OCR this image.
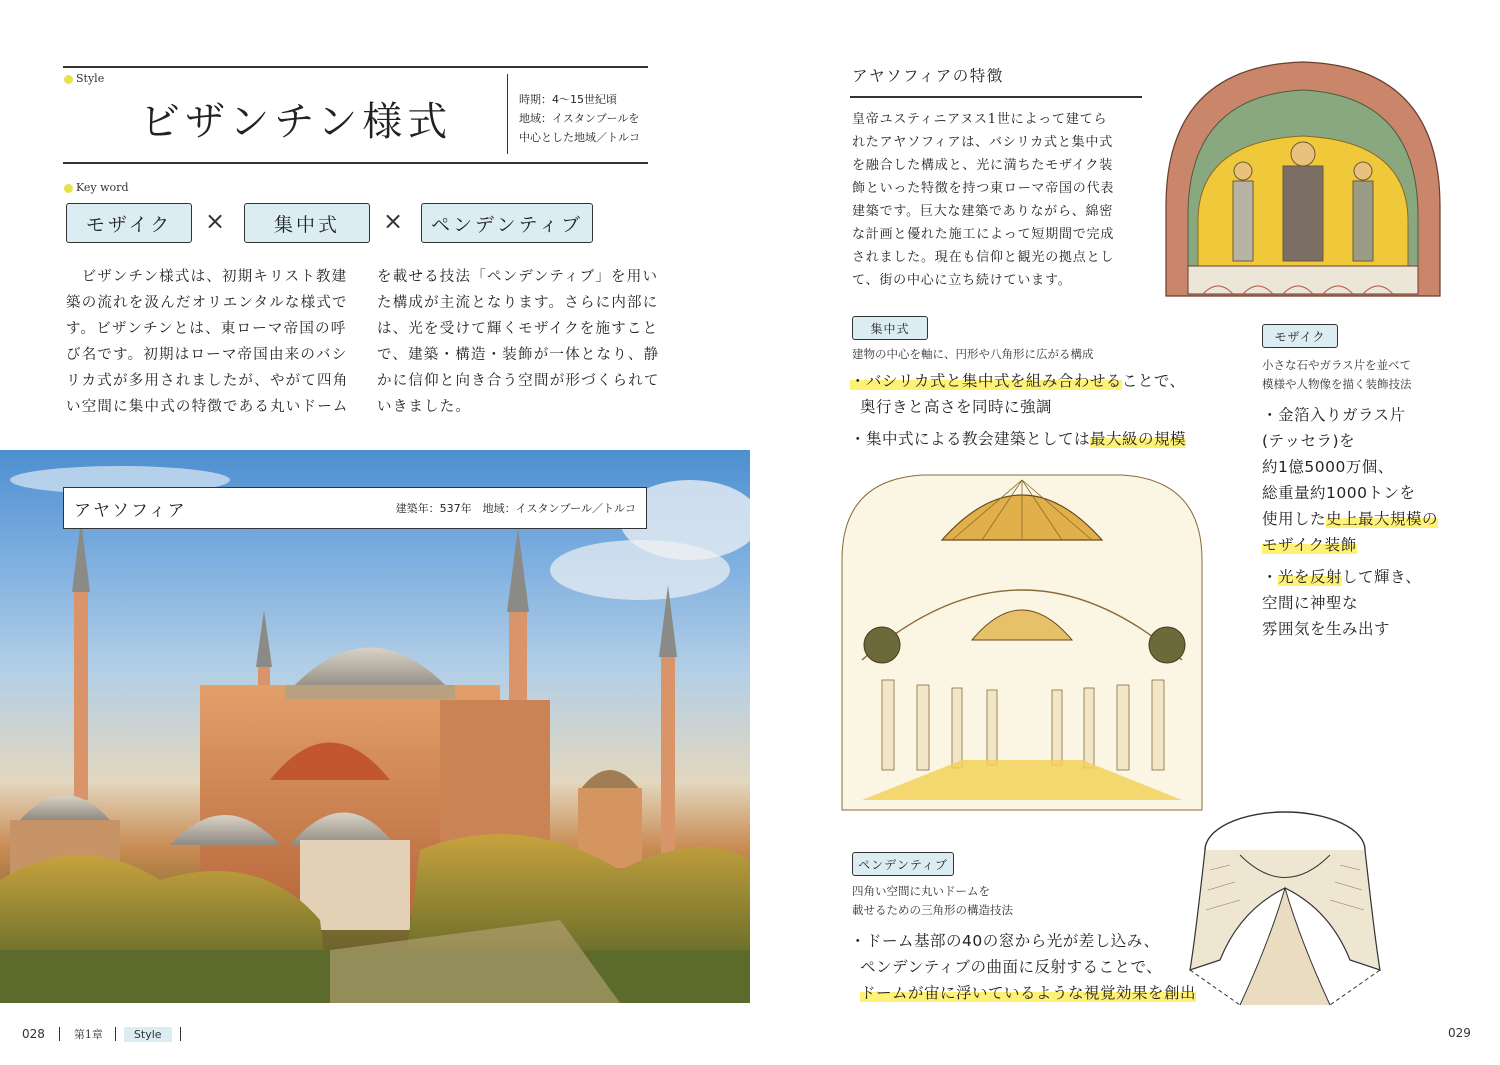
Style
ビザンチン様式	時期：4〜15世紀頃
地域：イスタンブールを
中心とした地域／トルコ
Key word
モザイク	×	集中式	×	ペンデンティブ
　ビザンチン様式は、初期キリスト教建
築の流れを汲んだオリエンタルな様式で
す。ビザンチンとは、東ローマ帝国の呼
び名です。初期はローマ帝国由来のバシ
リカ式が多用されましたが、やがて四角
い空間に集中式の特徴である丸いドーム
を載せる技法「ペンデンティブ」を用い
た構成が主流となります。さらに内部に
は、光を受けて輝くモザイクを施すこと
で、建築・構造・装飾が一体となり、静
かに信仰と向き合う空間が形づくられて
いきました。
アヤソフィア	建築年：537年　地域：イスタンブール／トルコ
028	第1章	Style
アヤソフィアの特徴
皇帝ユスティニアヌス1世によって建てら
れたアヤソフィアは、バシリカ式と集中式
を融合した構成と、光に満ちたモザイク装
飾といった特徴を持つ東ローマ帝国の代表
建築です。巨大な建築でありながら、綿密
な計画と優れた施工によって短期間で完成
されました。現在も信仰と観光の拠点とし
て、街の中心に立ち続けています。
集中式
建物の中心を軸に、円形や八角形に広がる構成
・バシリカ式と集中式を組み合わせることで、
奥行きと高さを同時に強調
・集中式による教会建築としては最大級の規模
モザイク
小さな石やガラス片を並べて
模様や人物像を描く装飾技法
・金箔入りガラス片
(テッセラ)を
約1億5000万個、
総重量約1000トンを
使用した史上最大規模の
モザイク装飾
・光を反射して輝き、
空間に神聖な
雰囲気を生み出す
ペンデンティブ
四角い空間に丸いドームを
載せるための三角形の構造技法
・ドーム基部の40の窓から光が差し込み、
ペンデンティブの曲面に反射することで、
ドームが宙に浮いているような視覚効果を創出
029
